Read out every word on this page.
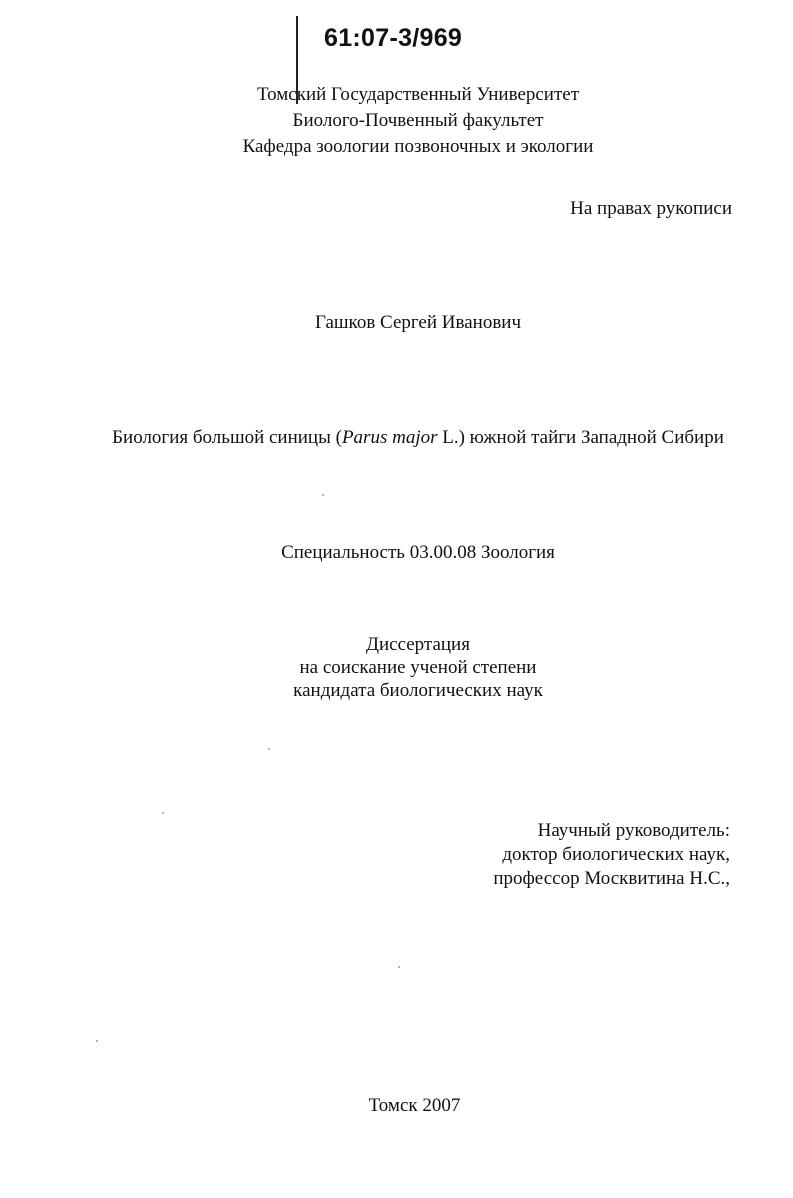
61:07-3/969
Томский Государственный Университет
Биолого-Почвенный факультет
Кафедра зоологии позвоночных и экологии
На правах рукописи
Гашков Сергей Иванович
Биология большой синицы (Parus major L.) южной тайги Западной Сибири
Специальность 03.00.08 Зоология
Диссертация
на соискание ученой степени
кандидата биологических наук
Научный руководитель:
доктор биологических наук,
профессор Москвитина Н.С.,
Томск 2007
